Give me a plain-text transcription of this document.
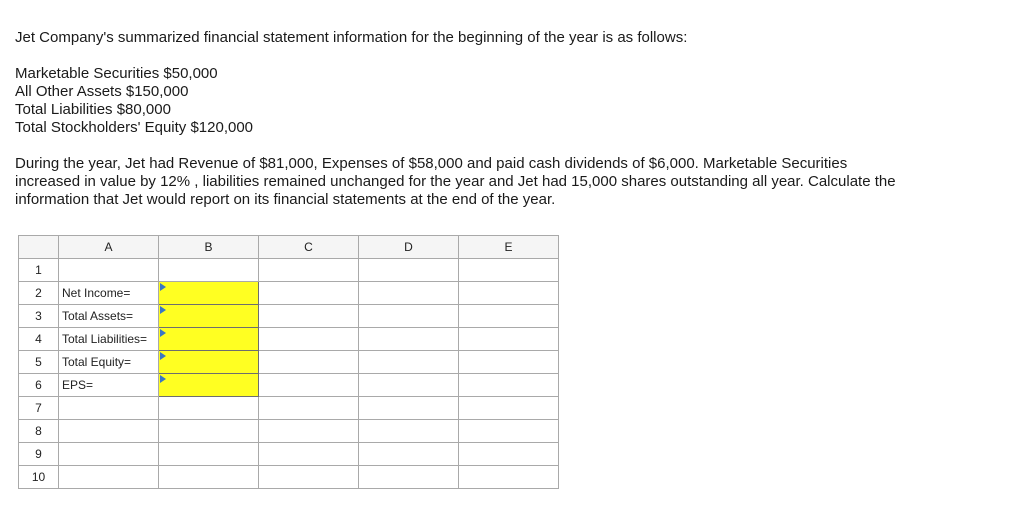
Jet Company's summarized financial statement information for the beginning of the year is as follows:
Marketable Securities $50,000
All Other Assets $150,000
Total Liabilities $80,000
Total Stockholders' Equity $120,000
During the year, Jet had Revenue of $81,000, Expenses of $58,000 and paid cash dividends of $6,000. Marketable Securities
increased in value by 12% , liabilities remained unchanged for the year and Jet had 15,000 shares outstanding all year. Calculate the
information that Jet would report on its financial statements at the end of the year.
	A	B	C	D	E
1					
2	Net Income=	

3	Total Assets=	

4	Total Liabilities=	

5	Total Equity=	

6	EPS=	

7					
8					
9					
10					
